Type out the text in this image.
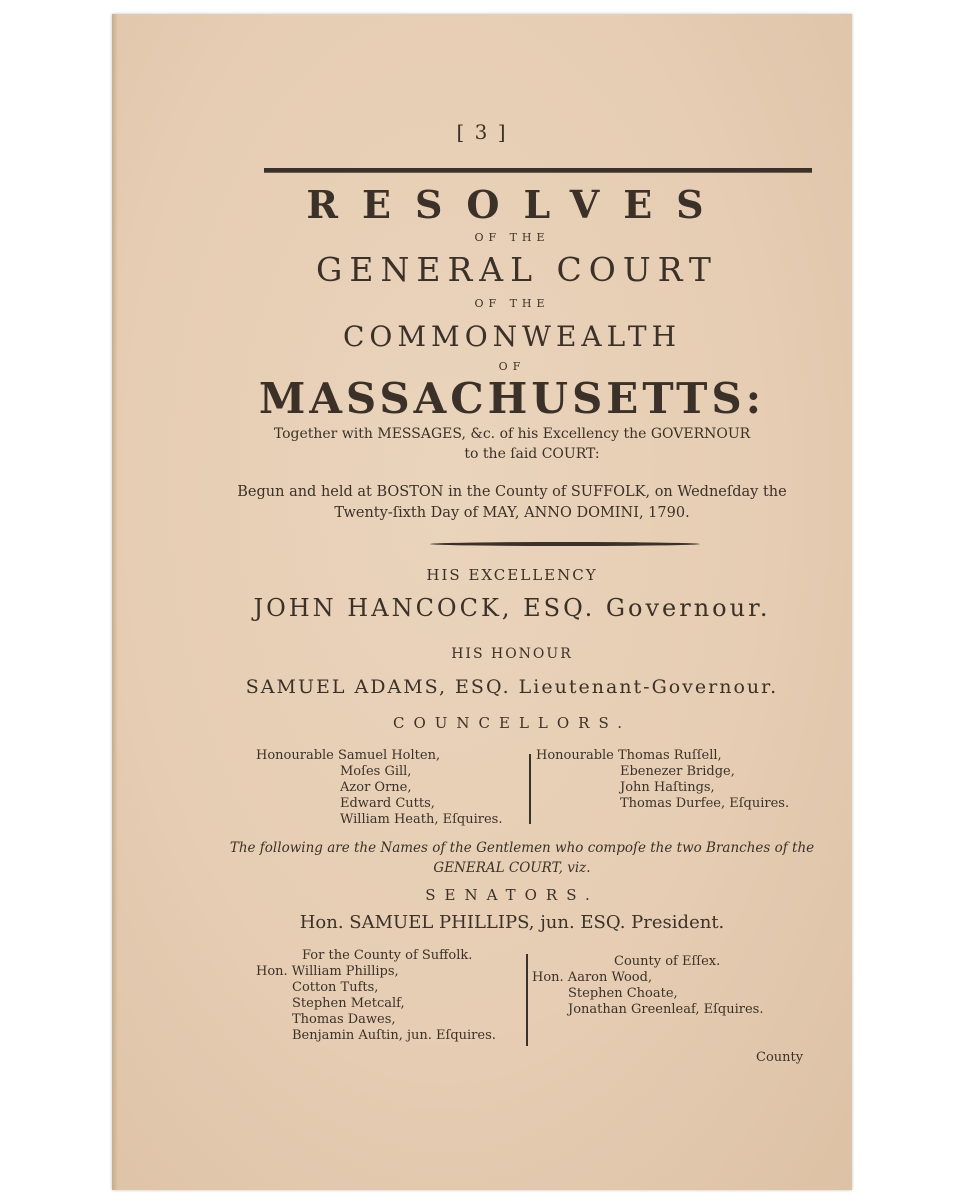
[ 3 ]
RESOLVES
OF THE
GENERAL COURT
OF THE
COMMONWEALTH
OF
MASSACHUSETTS:
Together with MESSAGES, &c. of his Excellency the GOVERNOUR
to the ſaid COURT:
Begun and held at BOSTON in the County of SUFFOLK, on Wedneſday the
Twenty-ſixth Day of MAY, ANNO DOMINI, 1790.
HIS EXCELLENCY
JOHN HANCOCK, ESQ. Governour.
HIS HONOUR
SAMUEL ADAMS, ESQ. Lieutenant-Governour.
COUNCELLORS.
Honourable Samuel Holten,
Moſes Gill,
Azor Orne,
Edward Cutts,
William Heath, Eſquires.
Honourable Thomas Ruſſell,
Ebenezer Bridge,
John Haſtings,
Thomas Durfee, Eſquires.
The following are the Names of the Gentlemen who compoſe the two Branches of the
GENERAL COURT, viz.
SENATORS.
Hon. SAMUEL PHILLIPS, jun. ESQ. President.
For the County of Suffolk.
Hon. William Phillips,
Cotton Tufts,
Stephen Metcalf,
Thomas Dawes,
Benjamin Auſtin, jun. Eſquires.
County of Eſſex.
Hon. Aaron Wood,
Stephen Choate,
Jonathan Greenleaf, Eſquires.
County
